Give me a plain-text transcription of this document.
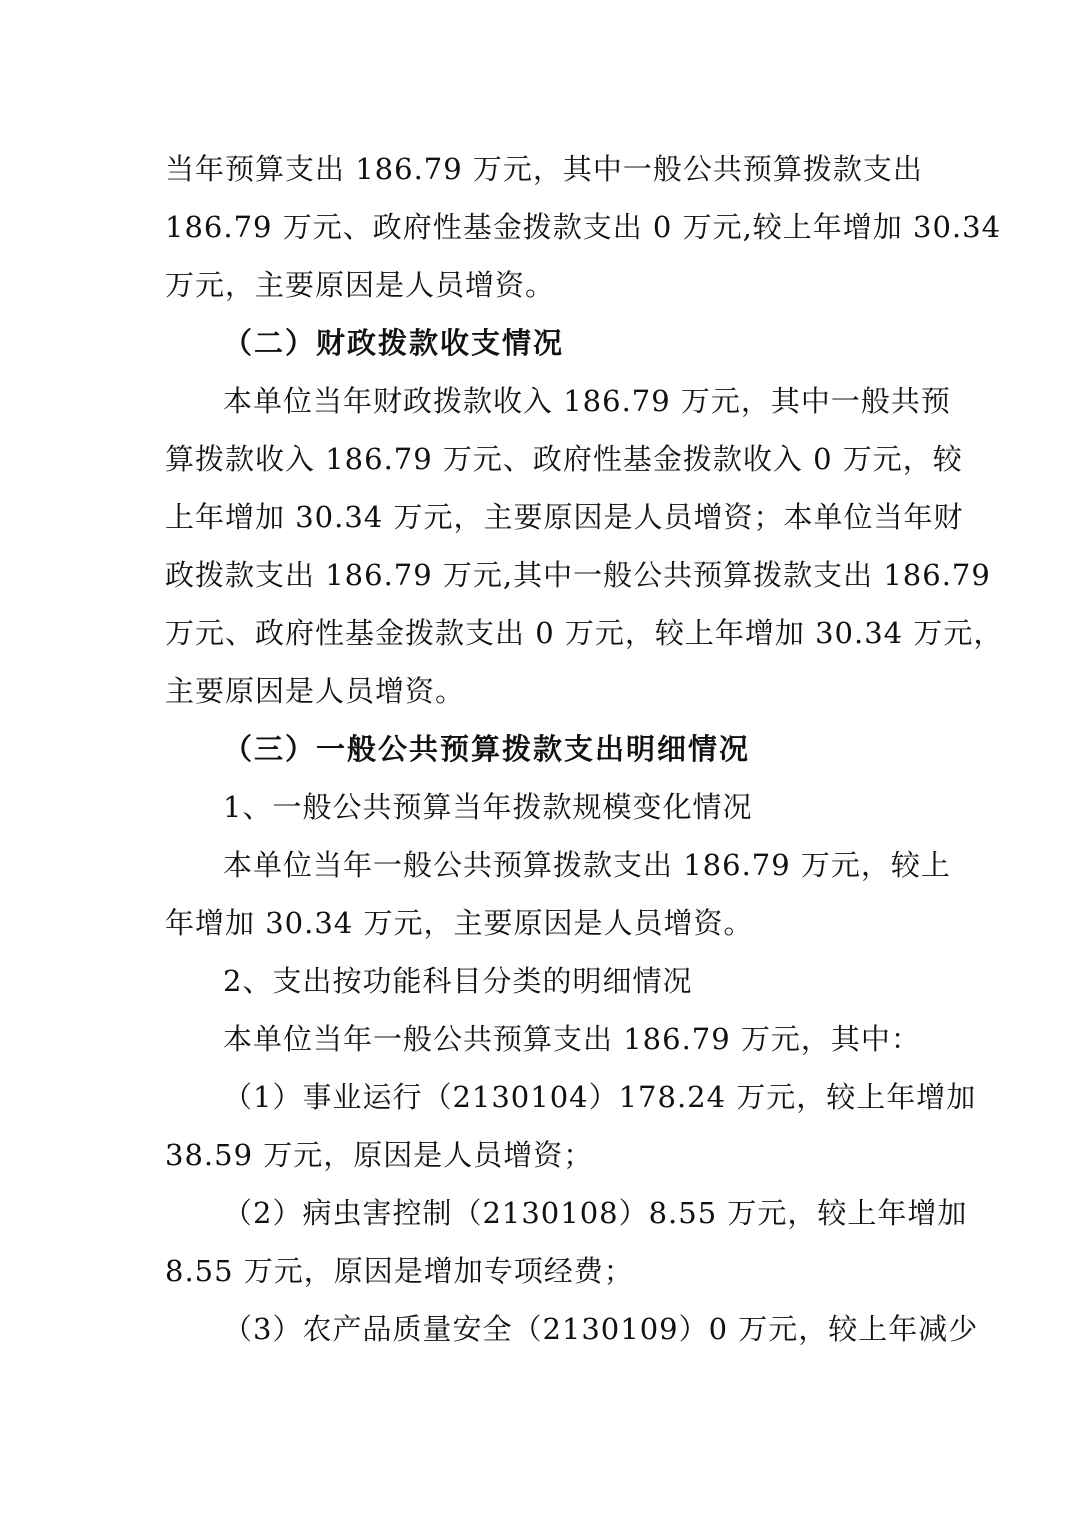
当年预算支出 186.79 万元，其中一般公共预算拨款支出
186.79 万元、政府性基金拨款支出 0 万元,较上年增加 30.34
万元，主要原因是人员增资。
（二）财政拨款收支情况
本单位当年财政拨款收入 186.79 万元，其中一般共预
算拨款收入 186.79 万元、政府性基金拨款收入 0 万元，较
上年增加 30.34 万元，主要原因是人员增资；本单位当年财
政拨款支出 186.79 万元,其中一般公共预算拨款支出 186.79
万元、政府性基金拨款支出 0 万元，较上年增加 30.34 万元，
主要原因是人员增资。
（三）一般公共预算拨款支出明细情况
1、一般公共预算当年拨款规模变化情况
本单位当年一般公共预算拨款支出 186.79 万元，较上
年增加 30.34 万元，主要原因是人员增资。
2、支出按功能科目分类的明细情况
本单位当年一般公共预算支出 186.79 万元，其中：
（1）事业运行（2130104）178.24 万元，较上年增加
38.59 万元，原因是人员增资；
（2）病虫害控制（2130108）8.55 万元，较上年增加
8.55 万元，原因是增加专项经费；
（3）农产品质量安全（2130109）0 万元，较上年减少
